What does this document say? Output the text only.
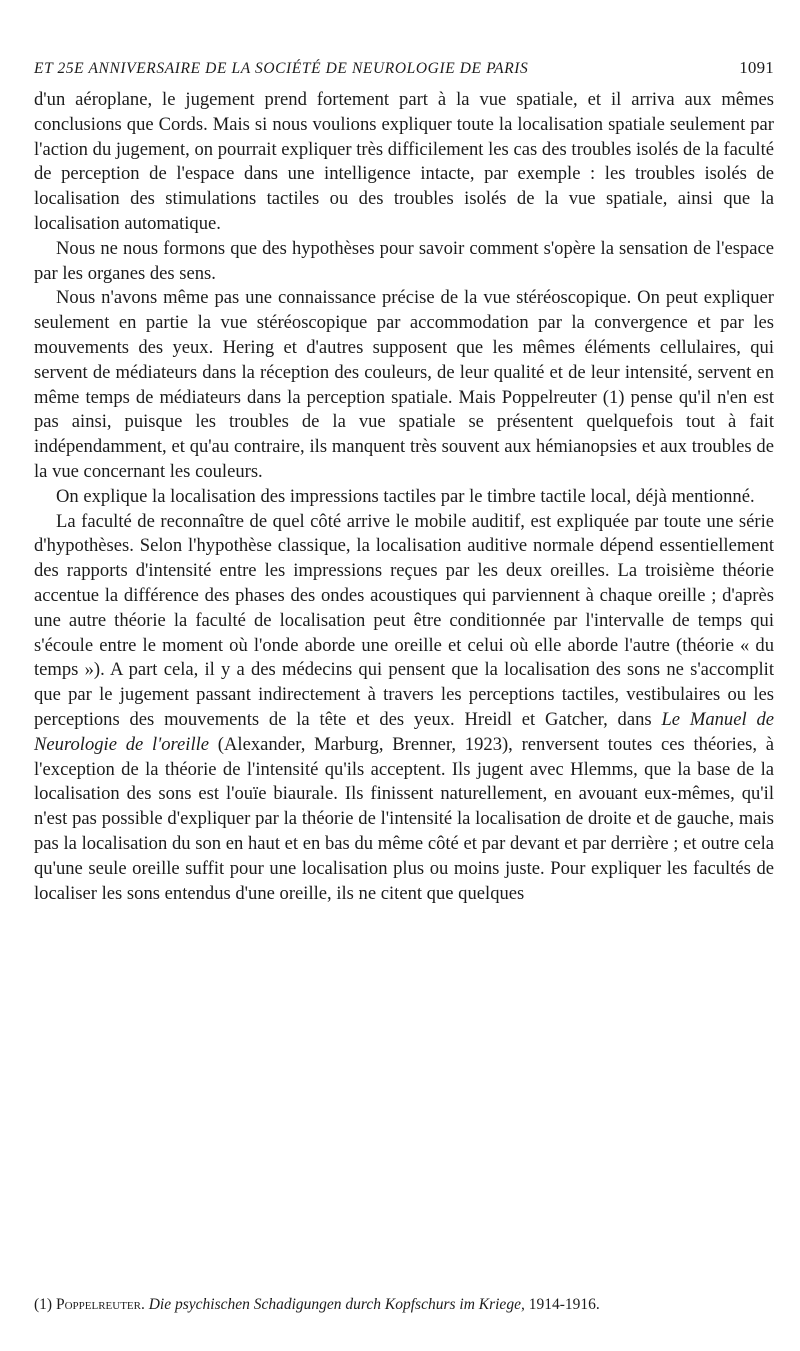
ET 25E ANNIVERSAIRE DE LA SOCIÉTÉ DE NEUROLOGIE DE PARIS	1091

d'un aéroplane, le jugement prend fortement part à la vue spatiale, et il arriva aux mêmes conclusions que Cords. Mais si nous voulions expliquer toute la localisation spatiale seulement par l'action du jugement, on pourrait expliquer très difficilement les cas des troubles isolés de la faculté de perception de l'espace dans une intelligence intacte, par exemple : les troubles isolés de localisation des stimulations tactiles ou des troubles isolés de la vue spatiale, ainsi que la localisation automatique.

Nous ne nous formons que des hypothèses pour savoir comment s'opère la sensation de l'espace par les organes des sens.

Nous n'avons même pas une connaissance précise de la vue stéréoscopique. On peut expliquer seulement en partie la vue stéréoscopique par accommodation par la convergence et par les mouvements des yeux. Hering et d'autres supposent que les mêmes éléments cellulaires, qui servent de médiateurs dans la réception des couleurs, de leur qualité et de leur intensité, servent en même temps de médiateurs dans la perception spatiale. Mais Poppelreuter (1) pense qu'il n'en est pas ainsi, puisque les troubles de la vue spatiale se présentent quelquefois tout à fait indépendamment, et qu'au contraire, ils manquent très souvent aux hémianopsies et aux troubles de la vue concernant les couleurs.

On explique la localisation des impressions tactiles par le timbre tactile local, déjà mentionné.

La faculté de reconnaître de quel côté arrive le mobile auditif, est expliquée par toute une série d'hypothèses. Selon l'hypothèse classique, la localisation auditive normale dépend essentiellement des rapports d'intensité entre les impressions reçues par les deux oreilles. La troisième théorie accentue la différence des phases des ondes acoustiques qui parviennent à chaque oreille ; d'après une autre théorie la faculté de localisation peut être conditionnée par l'intervalle de temps qui s'écoule entre le moment où l'onde aborde une oreille et celui où elle aborde l'autre (théorie « du temps »). A part cela, il y a des médecins qui pensent que la localisation des sons ne s'accomplit que par le jugement passant indirectement à travers les perceptions tactiles, vestibulaires ou les perceptions des mouvements de la tête et des yeux. Hreidl et Gatcher, dans Le Manuel de Neurologie de l'oreille (Alexander, Marburg, Brenner, 1923), renversent toutes ces théories, à l'exception de la théorie de l'intensité qu'ils acceptent. Ils jugent avec Hlemms, que la base de la localisation des sons est l'ouïe biaurale. Ils finissent naturellement, en avouant eux-mêmes, qu'il n'est pas possible d'expliquer par la théorie de l'intensité la localisation de droite et de gauche, mais pas la localisation du son en haut et en bas du même côté et par devant et par derrière ; et outre cela qu'une seule oreille suffit pour une localisation plus ou moins juste. Pour expliquer les facultés de localiser les sons entendus d'une oreille, ils ne citent que quelques

(1) Poppelreuter. Die psychischen Schadigungen durch Kopfschurs im Kriege, 1914-1916.
